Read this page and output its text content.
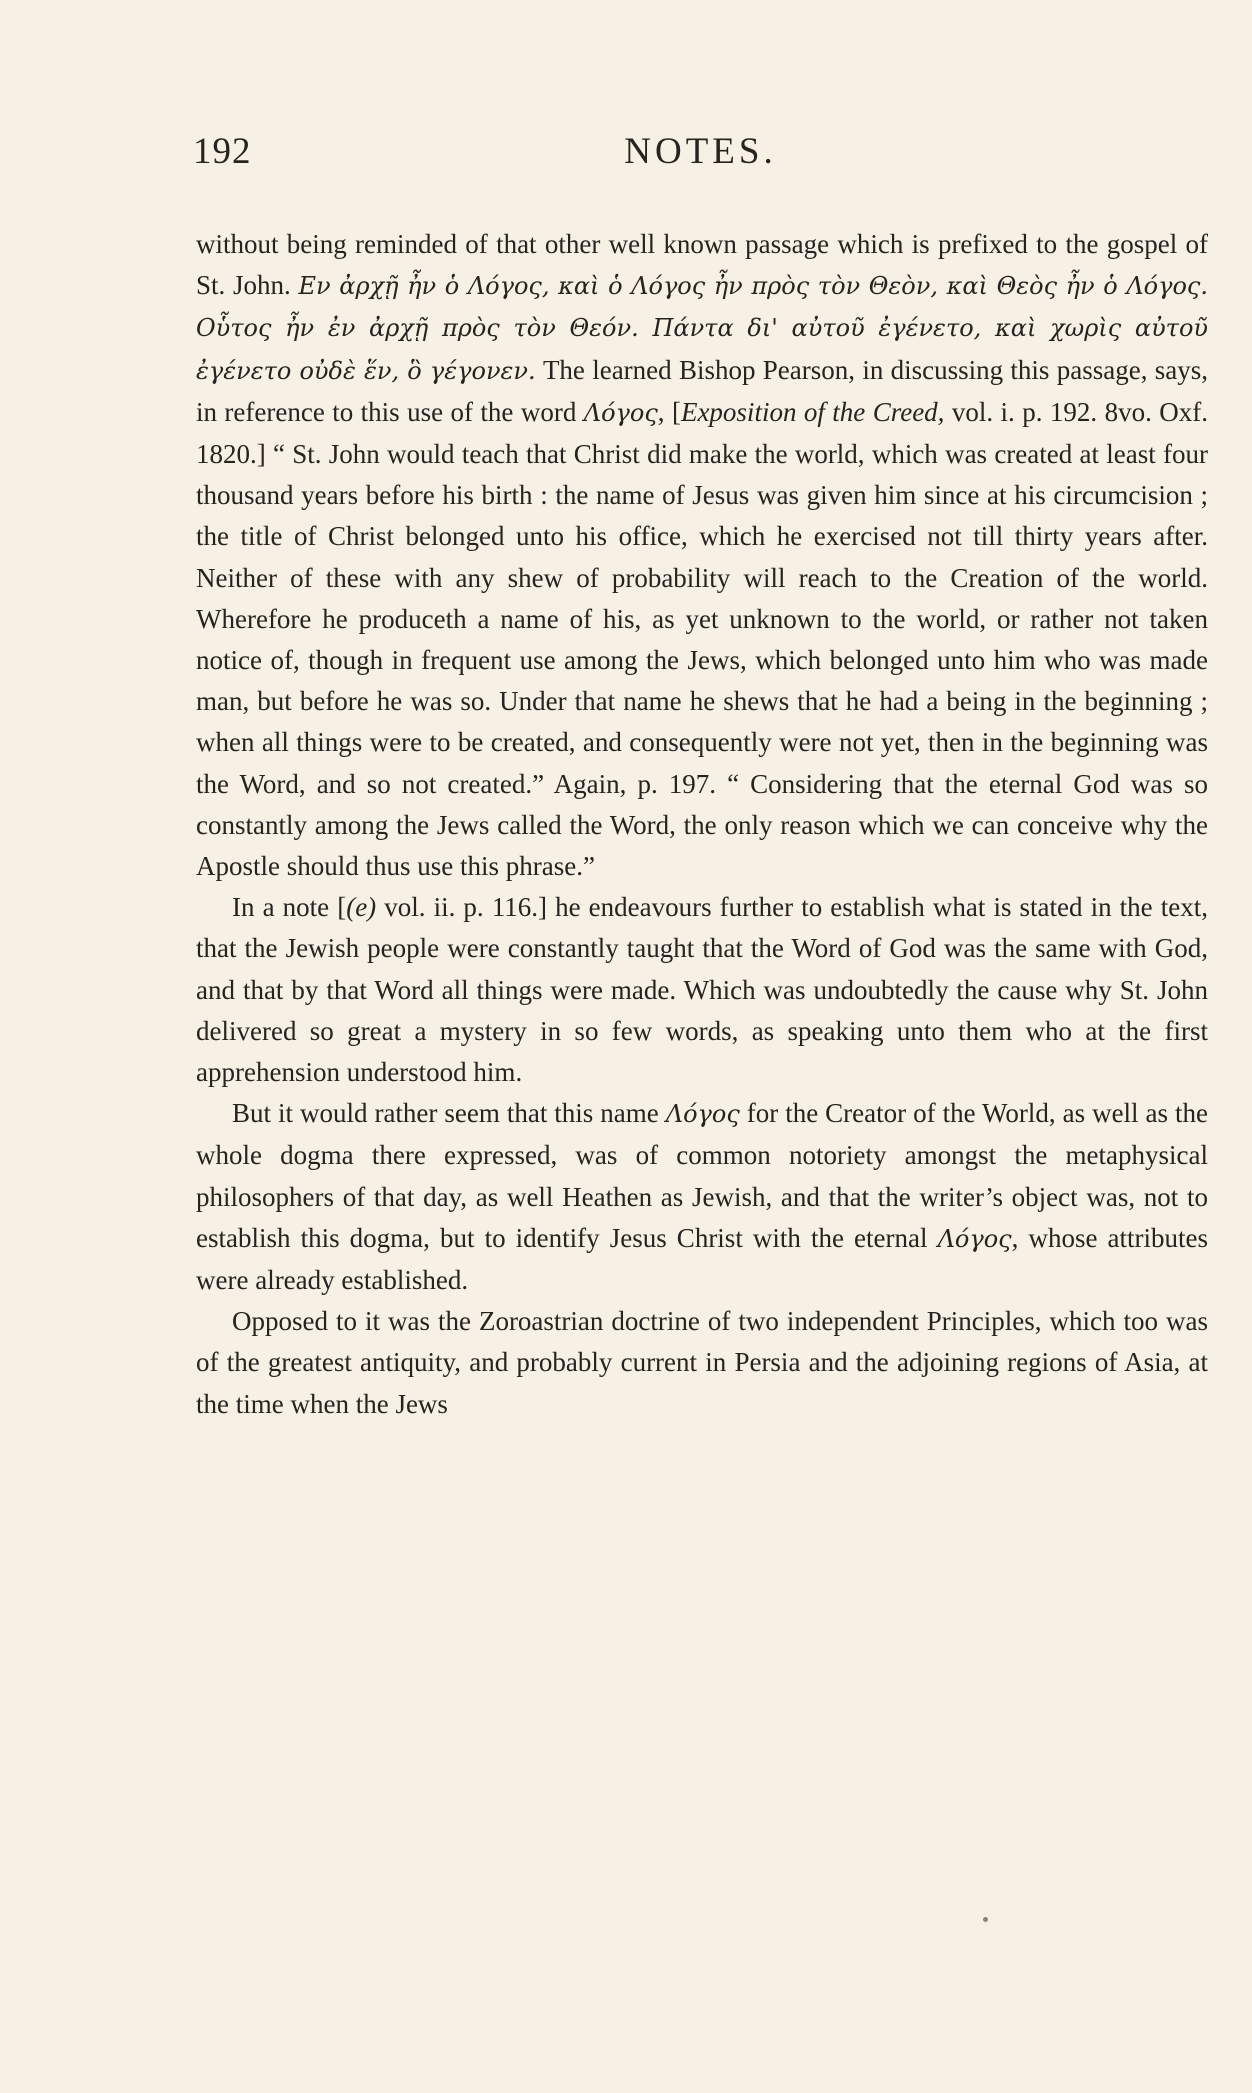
192	NOTES.

without being reminded of that other well known passage which is prefixed to the gospel of St. John. Εν ἀρχῇ ἦν ὁ Λόγος, καὶ ὁ Λόγος ἦν πρὸς τὸν Θεὸν, καὶ Θεὸς ἦν ὁ Λόγος. Οὗτος ἦν ἐν ἀρχῇ πρὸς τὸν Θεόν. Πάντα δι' αὐτοῦ ἐγένετο, καὶ χωρὶς αὐτοῦ ἐγένετο οὐδὲ ἕν, ὃ γέγονεν. The learned Bishop Pearson, in discussing this passage, says, in reference to this use of the word Λόγος, [Exposition of the Creed, vol. i. p. 192. 8vo. Oxf. 1820.] “ St. John would teach that Christ did make the world, which was created at least four thousand years before his birth : the name of Jesus was given him since at his circumcision ; the title of Christ belonged unto his office, which he exercised not till thirty years after. Neither of these with any shew of probability will reach to the Creation of the world. Wherefore he produceth a name of his, as yet unknown to the world, or rather not taken notice of, though in frequent use among the Jews, which belonged unto him who was made man, but before he was so. Under that name he shews that he had a being in the beginning ; when all things were to be created, and consequently were not yet, then in the beginning was the Word, and so not created.” Again, p. 197. “ Considering that the eternal God was so constantly among the Jews called the Word, the only reason which we can conceive why the Apostle should thus use this phrase.”

In a note [(e) vol. ii. p. 116.] he endeavours further to establish what is stated in the text, that the Jewish people were constantly taught that the Word of God was the same with God, and that by that Word all things were made. Which was undoubtedly the cause why St. John delivered so great a mystery in so few words, as speaking unto them who at the first apprehension understood him.

But it would rather seem that this name Λόγος for the Creator of the World, as well as the whole dogma there expressed, was of common notoriety amongst the metaphysical philosophers of that day, as well Heathen as Jewish, and that the writer’s object was, not to establish this dogma, but to identify Jesus Christ with the eternal Λόγος, whose attributes were already established.

Opposed to it was the Zoroastrian doctrine of two independent Principles, which too was of the greatest antiquity, and probably current in Persia and the adjoining regions of Asia, at the time when the Jews
